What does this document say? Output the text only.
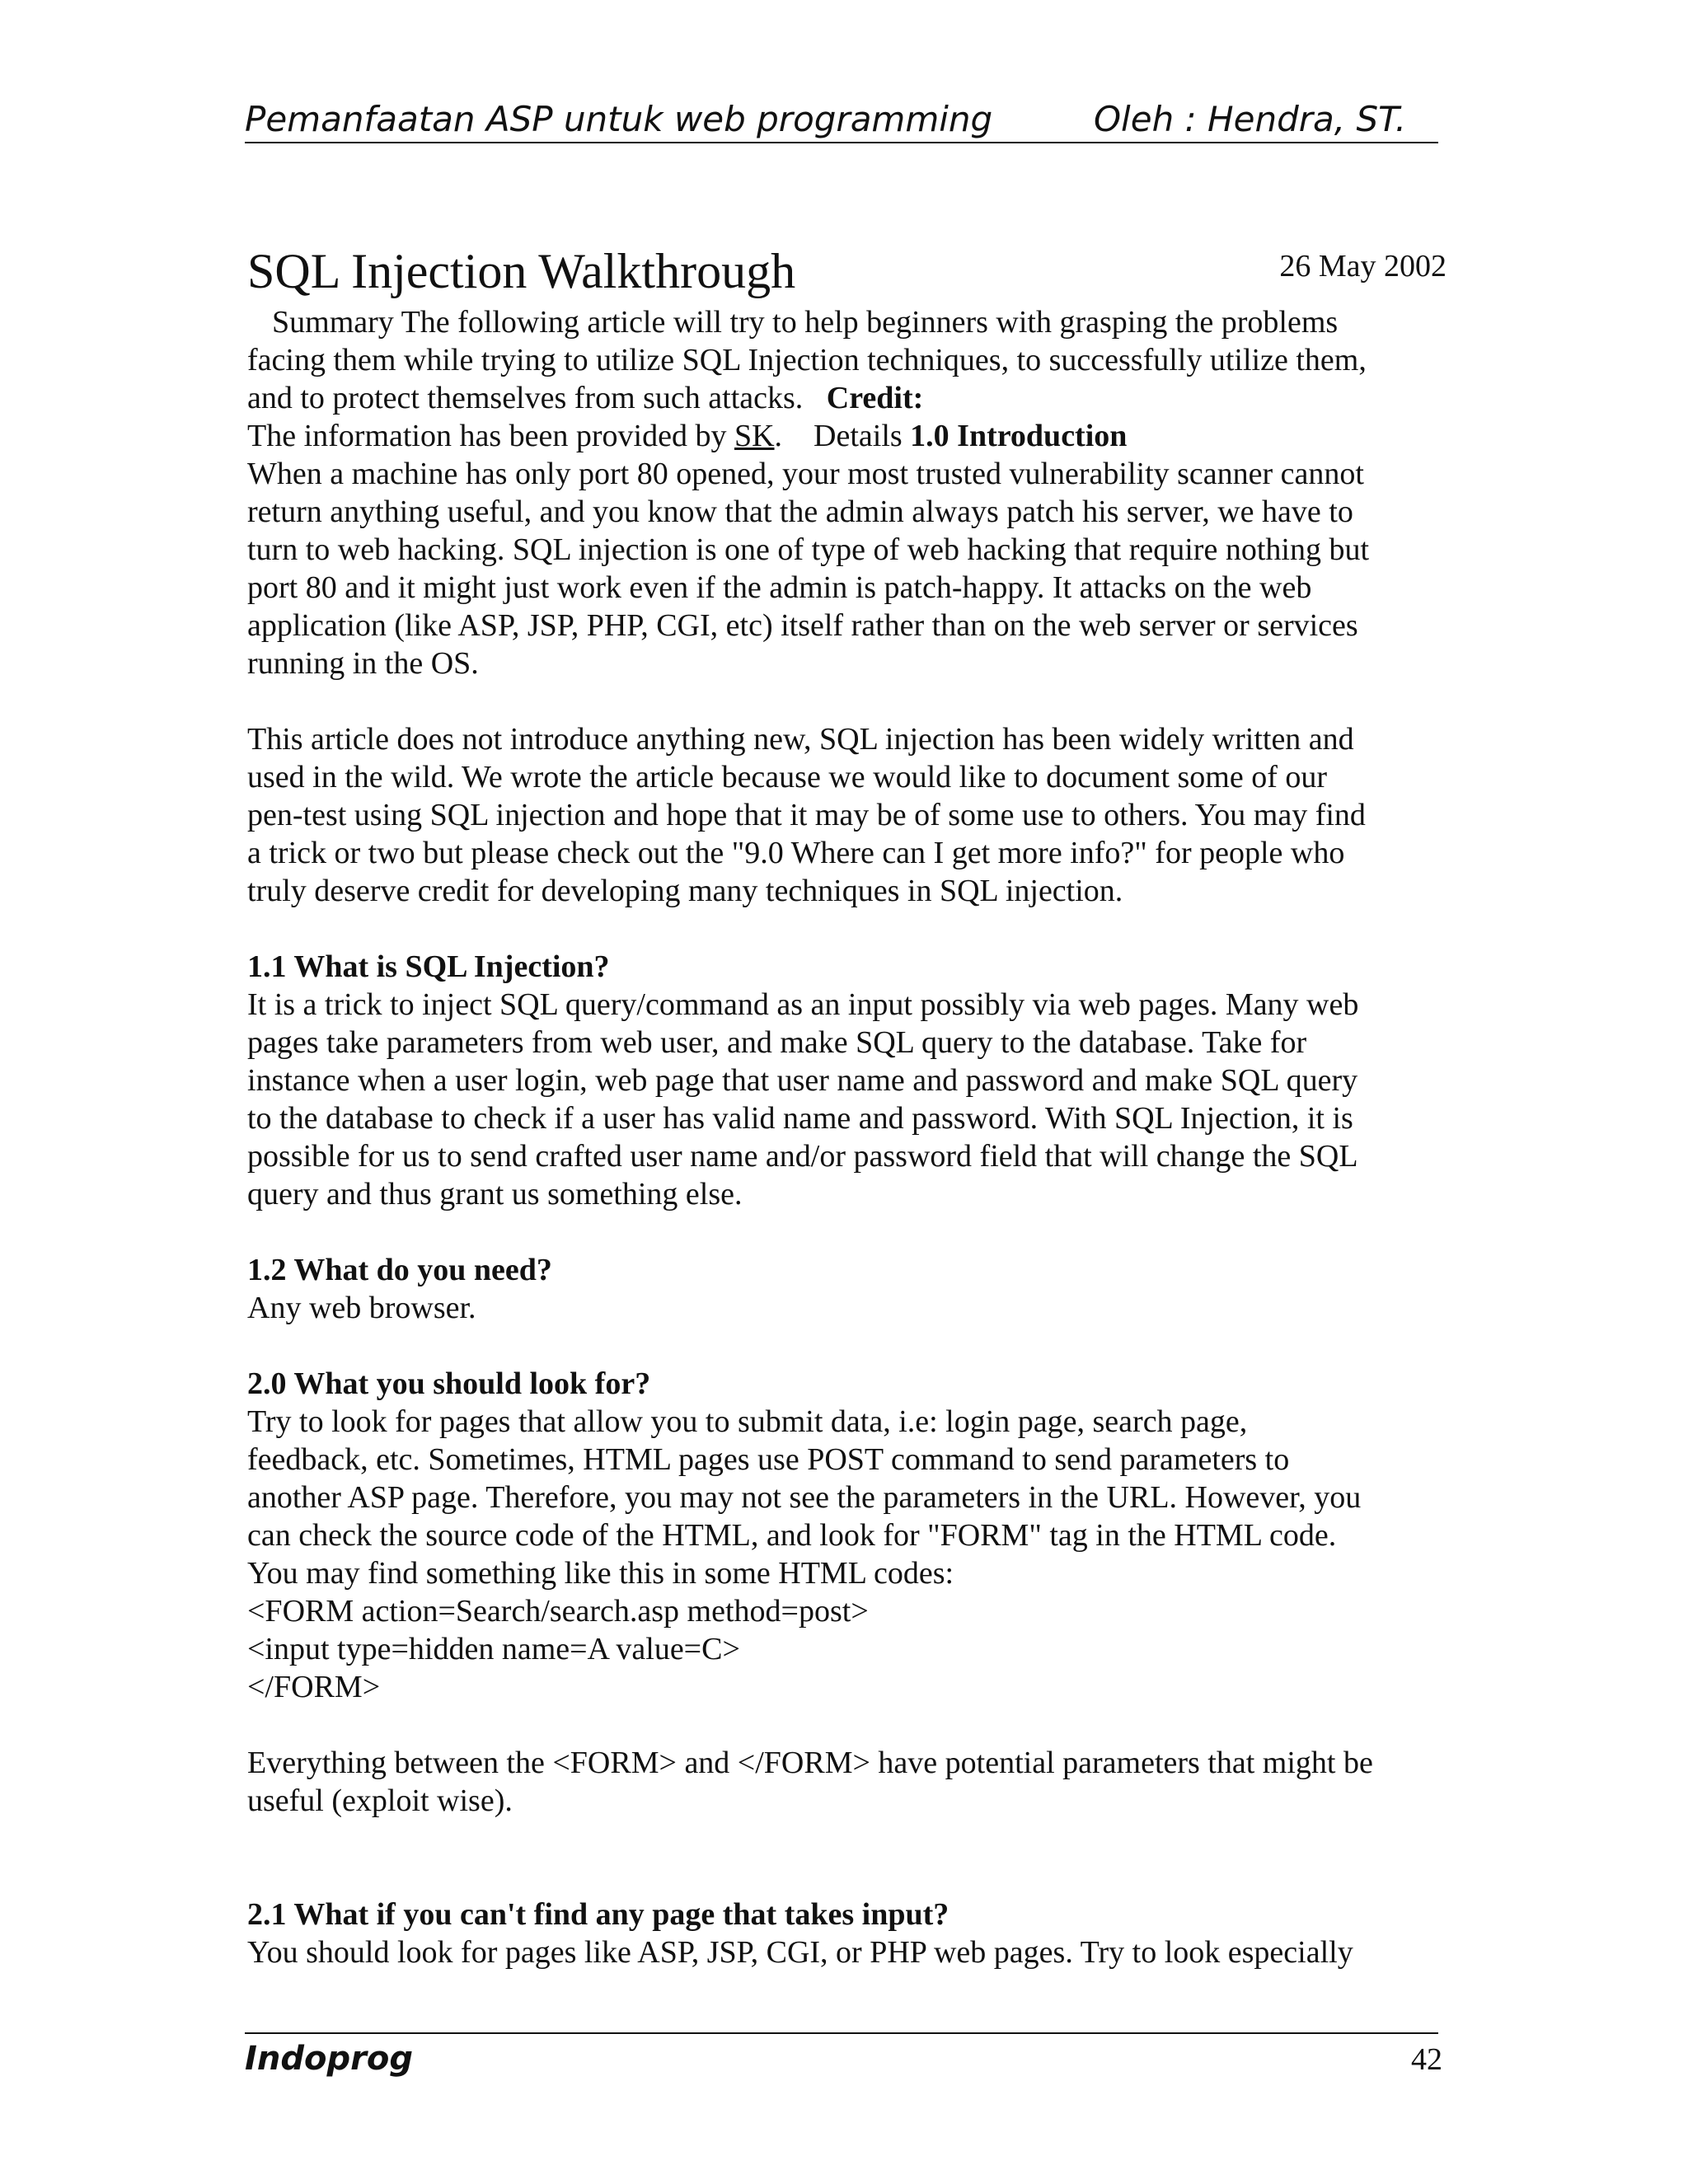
Pemanfaatan ASP untuk web programming	Oleh : Hendra, ST.
SQL Injection Walkthrough	26 May 2002

Summary The following article will try to help beginners with grasping the problems

facing them while trying to utilize SQL Injection techniques, to successfully utilize them,

and to protect themselves from such attacks. Credit:

The information has been provided by SK. Details 1.0 Introduction

When a machine has only port 80 opened, your most trusted vulnerability scanner cannot

return anything useful, and you know that the admin always patch his server, we have to

turn to web hacking. SQL injection is one of type of web hacking that require nothing but

port 80 and it might just work even if the admin is patch-happy. It attacks on the web

application (like ASP, JSP, PHP, CGI, etc) itself rather than on the web server or services

running in the OS.

This article does not introduce anything new, SQL injection has been widely written and

used in the wild. We wrote the article because we would like to document some of our

pen-test using SQL injection and hope that it may be of some use to others. You may find

a trick or two but please check out the "9.0 Where can I get more info?" for people who

truly deserve credit for developing many techniques in SQL injection.

1.1 What is SQL Injection?

It is a trick to inject SQL query/command as an input possibly via web pages. Many web

pages take parameters from web user, and make SQL query to the database. Take for

instance when a user login, web page that user name and password and make SQL query

to the database to check if a user has valid name and password. With SQL Injection, it is

possible for us to send crafted user name and/or password field that will change the SQL

query and thus grant us something else.

1.2 What do you need?

Any web browser.

2.0 What you should look for?

Try to look for pages that allow you to submit data, i.e: login page, search page,

feedback, etc. Sometimes, HTML pages use POST command to send parameters to

another ASP page. Therefore, you may not see the parameters in the URL. However, you

can check the source code of the HTML, and look for "FORM" tag in the HTML code.

You may find something like this in some HTML codes:

<FORM action=Search/search.asp method=post>

<input type=hidden name=A value=C>

</FORM>

Everything between the <FORM> and </FORM> have potential parameters that might be

useful (exploit wise).

2.1 What if you can't find any page that takes input?

You should look for pages like ASP, JSP, CGI, or PHP web pages. Try to look especially

Indoprog	42
